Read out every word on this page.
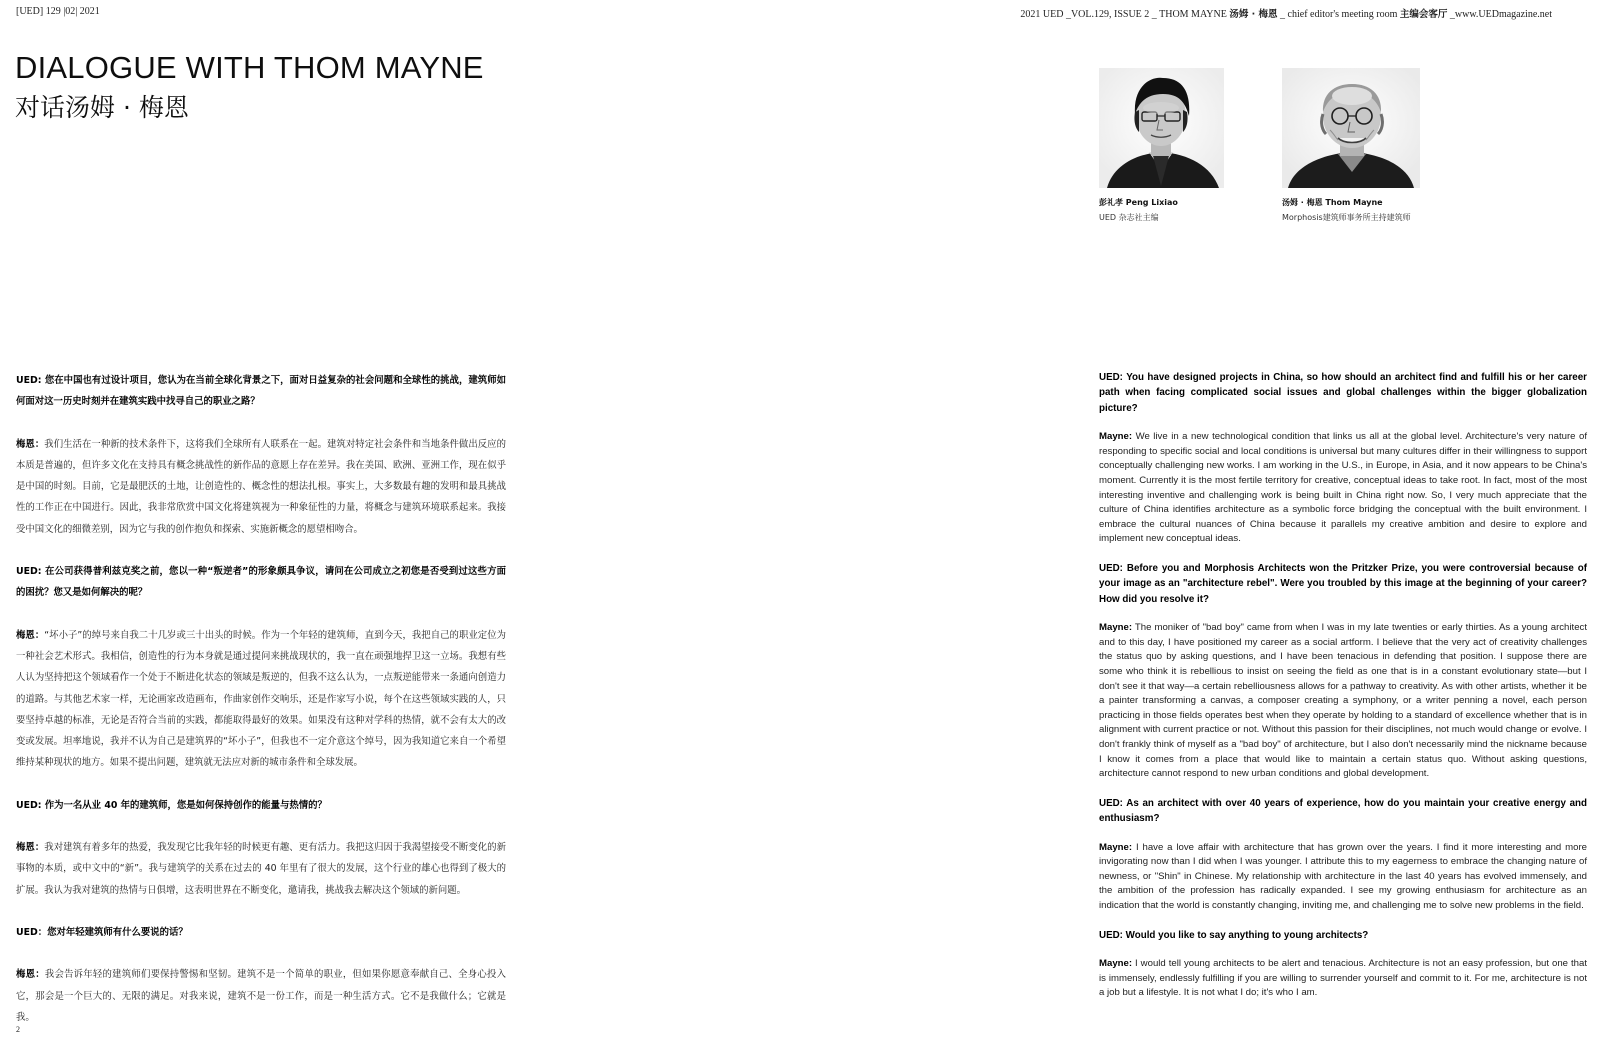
[UED] 129 |02| 2021	2021 UED _VOL.129, ISSUE 2 _ THOM MAYNE 汤姆 · 梅恩 _ chief editor's meeting room 主编会客厅 _www.UEDmagazine.net
DIALOGUE WITH THOM MAYNE
对话汤姆 · 梅恩
彭礼孝 Peng Lixiao
UED 杂志社主编
汤姆 · 梅恩 Thom Mayne
Morphosis建筑师事务所主持建筑师

UED: 您在中国也有过设计项目，您认为在当前全球化背景之下，面对日益复杂的社会问题和全球性的挑战，建筑师如何面对这一历史时刻并在建筑实践中找寻自己的职业之路？

梅恩：我们生活在一种新的技术条件下，这将我们全球所有人联系在一起。建筑对特定社会条件和当地条件做出反应的本质是普遍的，但许多文化在支持具有概念挑战性的新作品的意愿上存在差异。我在美国、欧洲、亚洲工作，现在似乎是中国的时刻。目前，它是最肥沃的土地，让创造性的、概念性的想法扎根。事实上，大多数最有趣的发明和最具挑战性的工作正在中国进行。因此，我非常欣赏中国文化将建筑视为一种象征性的力量，将概念与建筑环境联系起来。我接受中国文化的细微差别，因为它与我的创作抱负和探索、实施新概念的愿望相吻合。

UED: 在公司获得普利兹克奖之前，您以一种“叛逆者”的形象颇具争议，请问在公司成立之初您是否受到过这些方面的困扰？您又是如何解决的呢？

梅恩：“坏小子”的绰号来自我二十几岁或三十出头的时候。作为一个年轻的建筑师，直到今天，我把自己的职业定位为一种社会艺术形式。我相信，创造性的行为本身就是通过提问来挑战现状的，我一直在顽强地捍卫这一立场。我想有些人认为坚持把这个领域看作一个处于不断进化状态的领域是叛逆的，但我不这么认为，一点叛逆能带来一条通向创造力的道路。与其他艺术家一样，无论画家改造画布，作曲家创作交响乐，还是作家写小说，每个在这些领域实践的人，只要坚持卓越的标准，无论是否符合当前的实践，都能取得最好的效果。如果没有这种对学科的热情，就不会有太大的改变或发展。坦率地说，我并不认为自己是建筑界的“坏小子”，但我也不一定介意这个绰号，因为我知道它来自一个希望维持某种现状的地方。如果不提出问题，建筑就无法应对新的城市条件和全球发展。

UED: 作为一名从业 40 年的建筑师，您是如何保持创作的能量与热情的？

梅恩：我对建筑有着多年的热爱，我发现它比我年轻的时候更有趣、更有活力。我把这归因于我渴望接受不断变化的新事物的本质，或中文中的“新”。我与建筑学的关系在过去的 40 年里有了很大的发展，这个行业的雄心也得到了极大的扩展。我认为我对建筑的热情与日俱增，这表明世界在不断变化，邀请我，挑战我去解决这个领域的新问题。

UED：您对年轻建筑师有什么要说的话？

梅恩：我会告诉年轻的建筑师们要保持警惕和坚韧。建筑不是一个简单的职业，但如果你愿意奉献自己、全身心投入它，那会是一个巨大的、无限的满足。对我来说，建筑不是一份工作，而是一种生活方式。它不是我做什么；它就是我。

UED: You have designed projects in China, so how should an architect find and fulfill his or her career path when facing complicated social issues and global challenges within the bigger globalization picture?

Mayne: We live in a new technological condition that links us all at the global level. Architecture's very nature of responding to specific social and local conditions is universal but many cultures differ in their willingness to support conceptually challenging new works. I am working in the U.S., in Europe, in Asia, and it now appears to be China's moment. Currently it is the most fertile territory for creative, conceptual ideas to take root. In fact, most of the most interesting inventive and challenging work is being built in China right now. So, I very much appreciate that the culture of China identifies architecture as a symbolic force bridging the conceptual with the built environment. I embrace the cultural nuances of China because it parallels my creative ambition and desire to explore and implement new conceptual ideas.

UED: Before you and Morphosis Architects won the Pritzker Prize, you were controversial because of your image as an "architecture rebel". Were you troubled by this image at the beginning of your career? How did you resolve it?

Mayne: The moniker of "bad boy" came from when I was in my late twenties or early thirties. As a young architect and to this day, I have positioned my career as a social artform. I believe that the very act of creativity challenges the status quo by asking questions, and I have been tenacious in defending that position. I suppose there are some who think it is rebellious to insist on seeing the field as one that is in a constant evolutionary state—but I don't see it that way—a certain rebelliousness allows for a pathway to creativity. As with other artists, whether it be a painter transforming a canvas, a composer creating a symphony, or a writer penning a novel, each person practicing in those fields operates best when they operate by holding to a standard of excellence whether that is in alignment with current practice or not. Without this passion for their disciplines, not much would change or evolve. I don't frankly think of myself as a "bad boy" of architecture, but I also don't necessarily mind the nickname because I know it comes from a place that would like to maintain a certain status quo. Without asking questions, architecture cannot respond to new urban conditions and global development.

UED: As an architect with over 40 years of experience, how do you maintain your creative energy and enthusiasm?

Mayne: I have a love affair with architecture that has grown over the years. I find it more interesting and more invigorating now than I did when I was younger. I attribute this to my eagerness to embrace the changing nature of newness, or "Shin" in Chinese. My relationship with architecture in the last 40 years has evolved immensely, and the ambition of the profession has radically expanded. I see my growing enthusiasm for architecture as an indication that the world is constantly changing, inviting me, and challenging me to solve new problems in the field.

UED: Would you like to say anything to young architects?

Mayne: I would tell young architects to be alert and tenacious. Architecture is not an easy profession, but one that is immensely, endlessly fulfilling if you are willing to surrender yourself and commit to it. For me, architecture is not a job but a lifestyle. It is not what I do; it's who I am.

2
